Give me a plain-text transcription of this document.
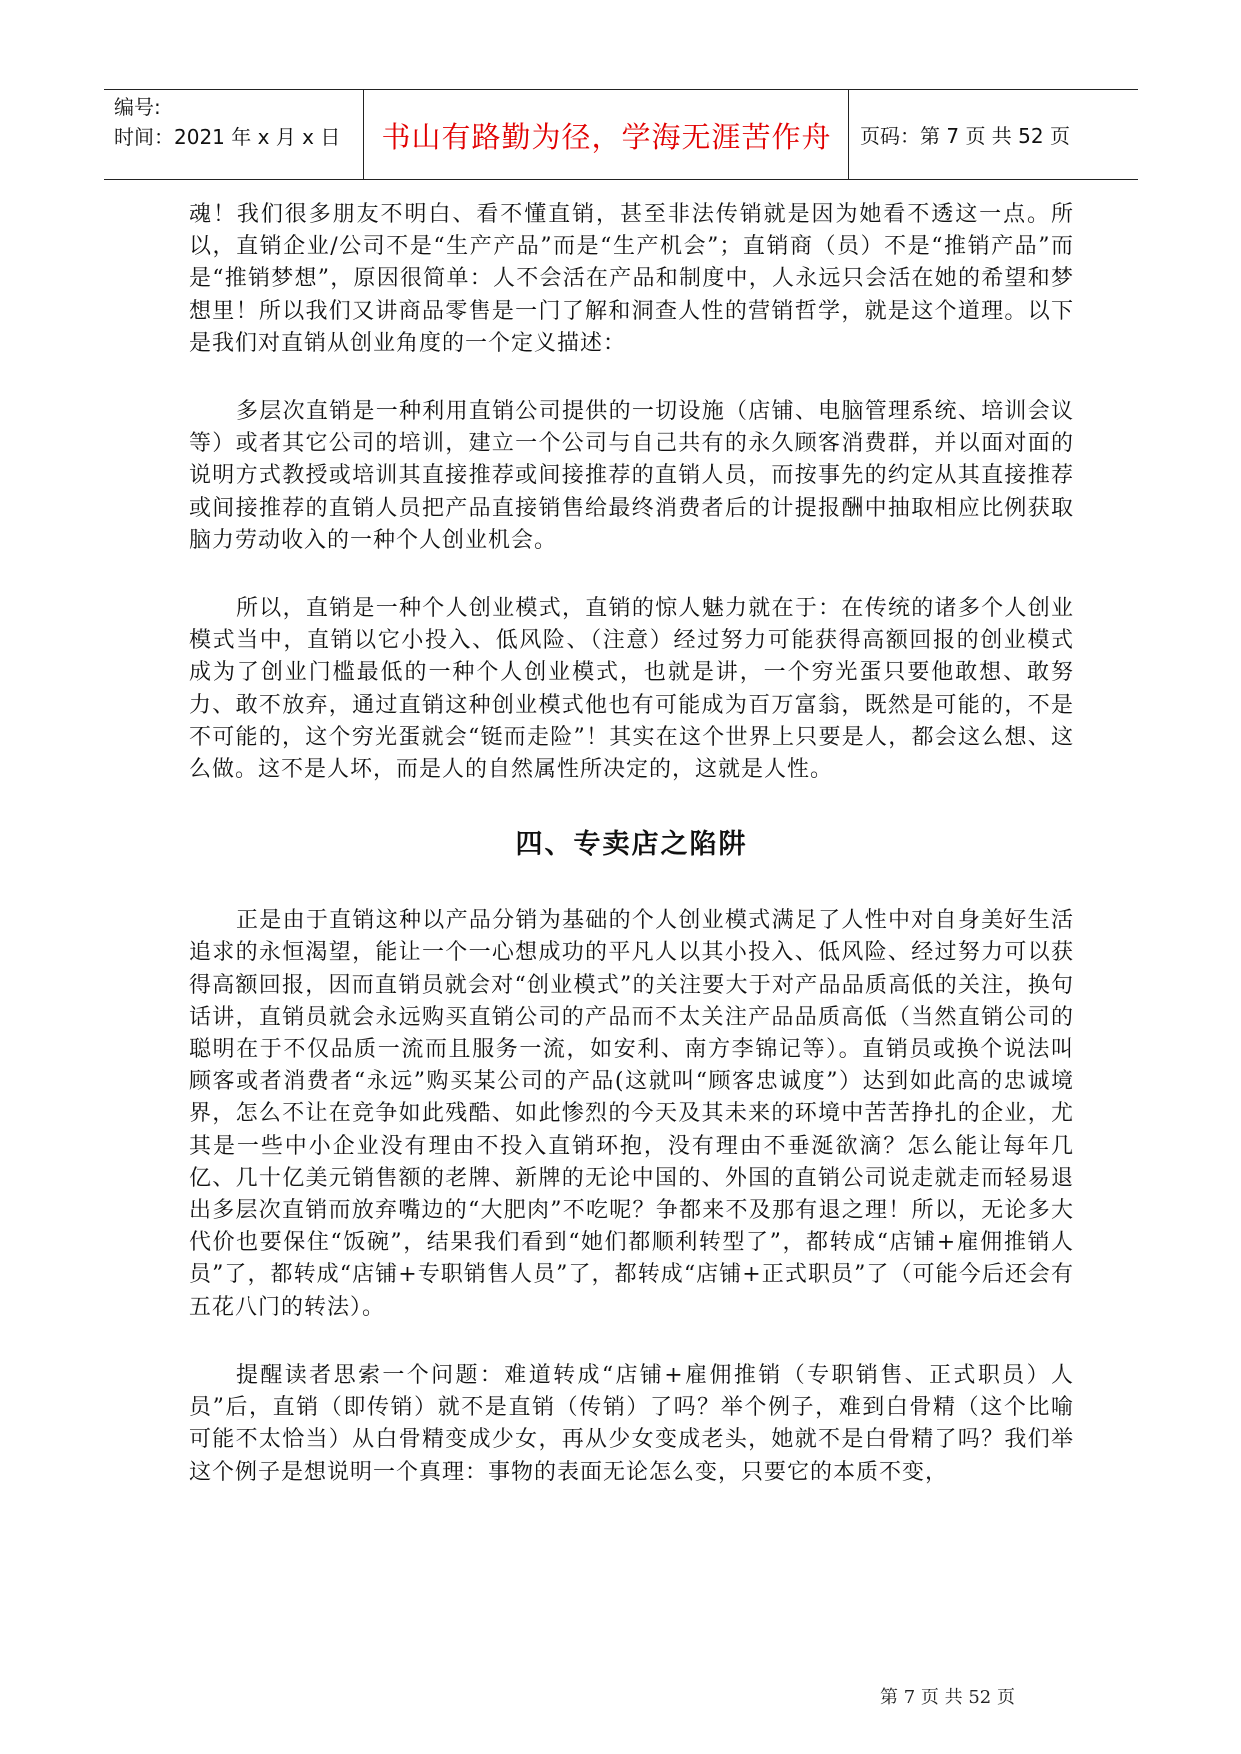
编号:
时间：2021 年 x 月 x 日	书山有路勤为径，学海无涯苦作舟	页码：第 7 页 共 52 页

魂！我们很多朋友不明白、看不懂直销，甚至非法传销就是因为她看不透这一点。所以，直销企业/公司不是“生产产品”而是“生产机会”；直销商（员）不是“推销产品”而是“推销梦想”，原因很简单：人不会活在产品和制度中，人永远只会活在她的希望和梦想里！所以我们又讲商品零售是一门了解和洞查人性的营销哲学，就是这个道理。以下是我们对直销从创业角度的一个定义描述：

多层次直销是一种利用直销公司提供的一切设施（店铺、电脑管理系统、培训会议等）或者其它公司的培训，建立一个公司与自己共有的永久顾客消费群，并以面对面的说明方式教授或培训其直接推荐或间接推荐的直销人员，而按事先的约定从其直接推荐或间接推荐的直销人员把产品直接销售给最终消费者后的计提报酬中抽取相应比例获取脑力劳动收入的一种个人创业机会。

所以，直销是一种个人创业模式，直销的惊人魅力就在于：在传统的诸多个人创业模式当中，直销以它小投入、低风险、（注意）经过努力可能获得高额回报的创业模式成为了创业门槛最低的一种个人创业模式，也就是讲，一个穷光蛋只要他敢想、敢努力、敢不放弃，通过直销这种创业模式他也有可能成为百万富翁，既然是可能的，不是不可能的，这个穷光蛋就会“铤而走险”！其实在这个世界上只要是人，都会这么想、这么做。这不是人坏，而是人的自然属性所决定的，这就是人性。

四、专卖店之陷阱

正是由于直销这种以产品分销为基础的个人创业模式满足了人性中对自身美好生活追求的永恒渴望，能让一个一心想成功的平凡人以其小投入、低风险、经过努力可以获得高额回报，因而直销员就会对“创业模式”的关注要大于对产品品质高低的关注，换句话讲，直销员就会永远购买直销公司的产品而不太关注产品品质高低（当然直销公司的聪明在于不仅品质一流而且服务一流，如安利、南方李锦记等）。直销员或换个说法叫顾客或者消费者“永远”购买某公司的产品(这就叫“顾客忠诚度”）达到如此高的忠诚境界，怎么不让在竞争如此残酷、如此惨烈的今天及其未来的环境中苦苦挣扎的企业，尤其是一些中小企业没有理由不投入直销环抱，没有理由不垂涎欲滴？怎么能让每年几亿、几十亿美元销售额的老牌、新牌的无论中国的、外国的直销公司说走就走而轻易退出多层次直销而放弃嘴边的“大肥肉”不吃呢？争都来不及那有退之理！所以，无论多大代价也要保住“饭碗”，结果我们看到“她们都顺利转型了”，都转成“店铺+雇佣推销人员”了，都转成“店铺+专职销售人员”了，都转成“店铺+正式职员”了（可能今后还会有五花八门的转法）。

提醒读者思索一个问题：难道转成“店铺+雇佣推销（专职销售、正式职员）人员”后，直销（即传销）就不是直销（传销）了吗？举个例子，难到白骨精（这个比喻可能不太恰当）从白骨精变成少女，再从少女变成老头，她就不是白骨精了吗？我们举这个例子是想说明一个真理：事物的表面无论怎么变，只要它的本质不变，

第 7 页 共 52 页
